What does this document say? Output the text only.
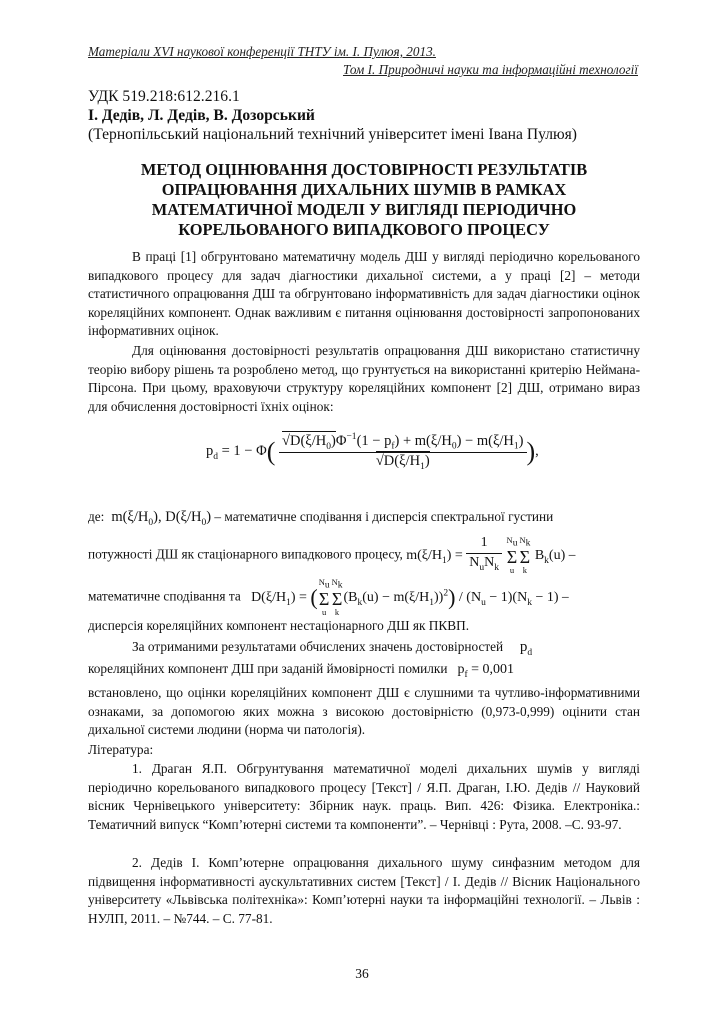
Матеріали XVI наукової конференції ТНТУ ім. І. Пулюя, 2013.
Том І. Природничі науки та інформаційні технології
УДК 519.218:612.216.1
І. Дедів, Л. Дедів, В. Дозорський
(Тернопільський національний технічний університет імені Івана Пулюя)
МЕТОД ОЦІНЮВАННЯ ДОСТОВІРНОСТІ РЕЗУЛЬТАТІВ
ОПРАЦЮВАННЯ ДИХАЛЬНИХ ШУМІВ В РАМКАХ
МАТЕМАТИЧНОЇ МОДЕЛІ У ВИГЛЯДІ ПЕРІОДИЧНО
КОРЕЛЬОВАНОГО ВИПАДКОВОГО ПРОЦЕСУ

В праці [1] обгрунтовано математичну модель ДШ у вигляді періодично корельованого випадкового процесу для задач діагностики дихальної системи, а у праці [2] – методи статистичного опрацювання ДШ та обгрунтовано інформативність для задач діагностики оцінок кореляційних компонент. Однак важливим є питання оцінювання достовірності запропонованих інформативних оцінок.

Для оцінювання достовірності результатів опрацювання ДШ використано статистичну теорію вибору рішень та розроблено метод, що грунтується на використанні критерію Неймана-Пірсона. При цьому, враховуючи структуру кореляційних компонент [2] ДШ, отримано вираз для обчислення достовірності їхніх оцінок:

$p_d = 1 - \Phi( \frac{√D(\xi/H_0)\Phi^{-1}(1 - p_f) + m(\xi/H_0) - m(\xi/H_1)}{√D(\xi/H_1)}$ ),
де:  $m(\xi/H_0)$, $D(\xi/H_0)$ – математичне сподівання і дисперсія спектральної густини
потужності ДШ як стаціонарного випадкового процесу, $m(\xi/H_1) = \frac{1}{N_uN_k} N_u$
Σ
$uN_k$
Σ
k $B_k(u)$ –
математичне сподівання та   $D(\xi/H_1) = (N_u$
Σ
$uN_k$
Σ
$k(B_k(u) - m(\xi/H_1))^2) / (N_u - 1)(N_k - 1)$ –
дисперсія кореляційних компонент нестаціонарного ДШ як ПКВП.

За отриманими результатами обчислених значень достовірностей $p_d$

кореляційних компонент ДШ при заданій ймовірності помилки $p_f = 0,001$
встановлено, що оцінки кореляційних компонент ДШ є слушними та чутливо-інформативними ознаками, за допомогою яких можна з високою достовірністю (0,973-0,999) оцінити стан дихальної системи людини (норма чи патологія).
Література:

1. Драган Я.П. Обгрунтування математичної моделі дихальних шумів у вигляді періодично корельованого випадкового процесу [Текст] / Я.П. Драган, І.Ю. Дедів // Науковий вісник Чернівецького університету: Збірник наук. праць. Вип. 426: Фізика. Електроніка.: Тематичний випуск “Комп’ютерні системи та компоненти”. – Чернівці : Рута, 2008. –С. 93-97.

2. Дедів І. Комп’ютерне опрацювання дихального шуму синфазним методом для підвищення інформативності аускультативних систем [Текст] / І. Дедів // Вісник Національного університету «Львівська політехніка»: Комп’ютерні науки та інформаційні технології. – Львів : НУЛП, 2011. – №744. – С. 77-81.

36
